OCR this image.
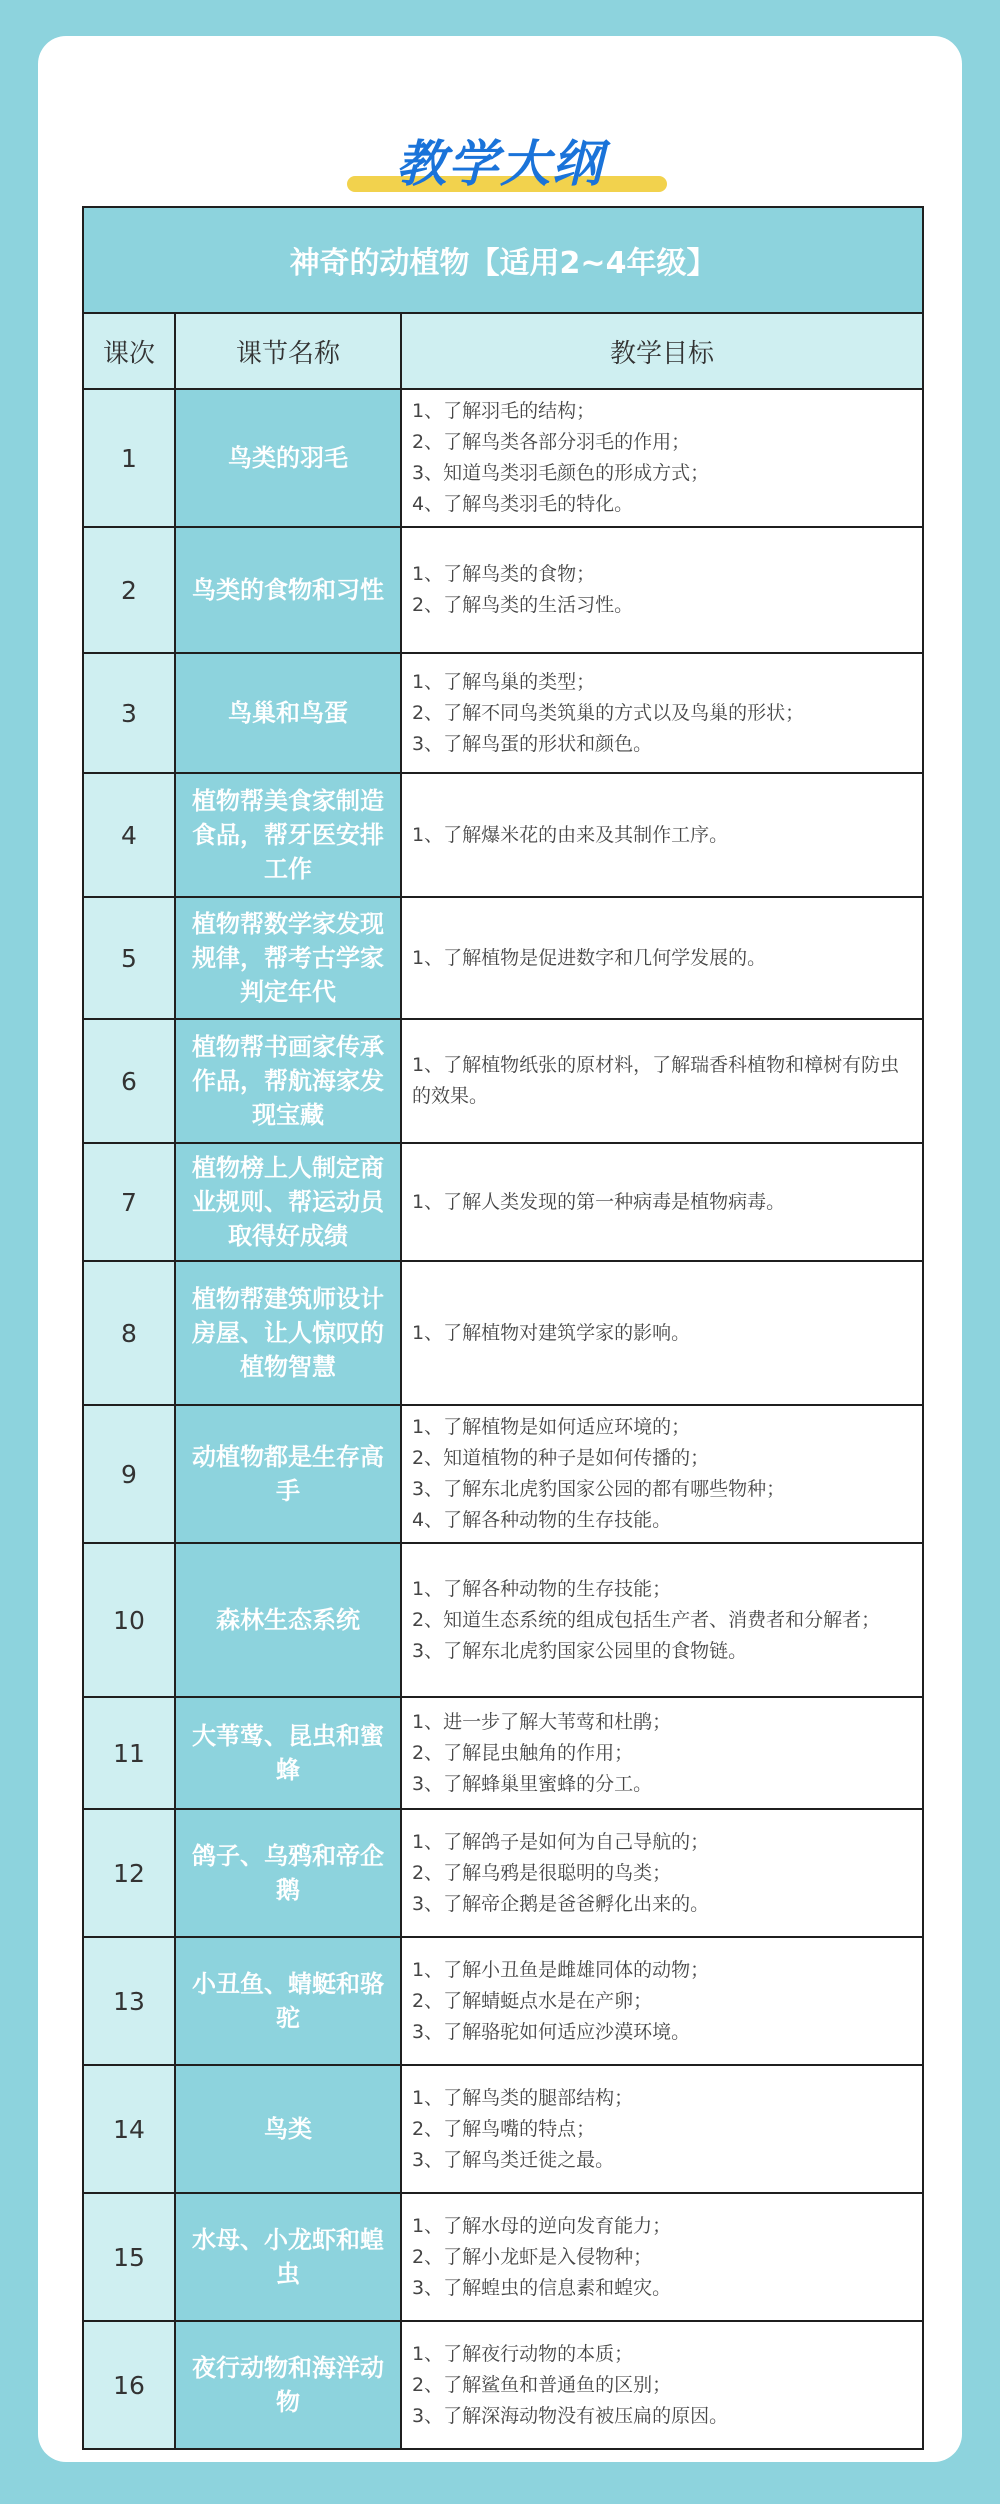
教学大纲
神奇的动植物【适用2~4年级】		
课次	课节名称	教学目标
1	鸟类的羽毛	1、了解羽毛的结构；
2、了解鸟类各部分羽毛的作用；
3、知道鸟类羽毛颜色的形成方式；
4、了解鸟类羽毛的特化。

2	鸟类的食物和习性	1、了解鸟类的食物；
2、了解鸟类的生活习性。

3	鸟巢和鸟蛋	1、了解鸟巢的类型；
2、了解不同鸟类筑巢的方式以及鸟巢的形状；
3、了解鸟蛋的形状和颜色。

4	植物帮美食家制造食品，帮牙医安排工作	1、了解爆米花的由来及其制作工序。

5	植物帮数学家发现规律，帮考古学家判定年代	1、了解植物是促进数字和几何学发展的。

6	植物帮书画家传承作品，帮航海家发现宝藏	1、了解植物纸张的原材料，了解瑞香科植物和樟树有防虫的效果。

7	植物榜上人制定商业规则、帮运动员取得好成绩	1、了解人类发现的第一种病毒是植物病毒。

8	植物帮建筑师设计房屋、让人惊叹的植物智慧	1、了解植物对建筑学家的影响。

9	动植物都是生存高手	1、了解植物是如何适应环境的；
2、知道植物的种子是如何传播的；
3、了解东北虎豹国家公园的都有哪些物种；
4、了解各种动物的生存技能。

10	森林生态系统	1、了解各种动物的生存技能；
2、知道生态系统的组成包括生产者、消费者和分解者；
3、了解东北虎豹国家公园里的食物链。

11	大苇莺、昆虫和蜜蜂	1、进一步了解大苇莺和杜鹃；
2、了解昆虫触角的作用；
3、了解蜂巢里蜜蜂的分工。

12	鸽子、乌鸦和帝企鹅	1、了解鸽子是如何为自己导航的；
2、了解乌鸦是很聪明的鸟类；
3、了解帝企鹅是爸爸孵化出来的。

13	小丑鱼、蜻蜓和骆驼	1、了解小丑鱼是雌雄同体的动物；
2、了解蜻蜓点水是在产卵；
3、了解骆驼如何适应沙漠环境。

14	鸟类	1、了解鸟类的腿部结构；
2、了解鸟嘴的特点；
3、了解鸟类迁徙之最。

15	水母、小龙虾和蝗虫	1、了解水母的逆向发育能力；
2、了解小龙虾是入侵物种；
3、了解蝗虫的信息素和蝗灾。

16	夜行动物和海洋动物	1、了解夜行动物的本质；
2、了解鲨鱼和普通鱼的区别；
3、了解深海动物没有被压扁的原因。
